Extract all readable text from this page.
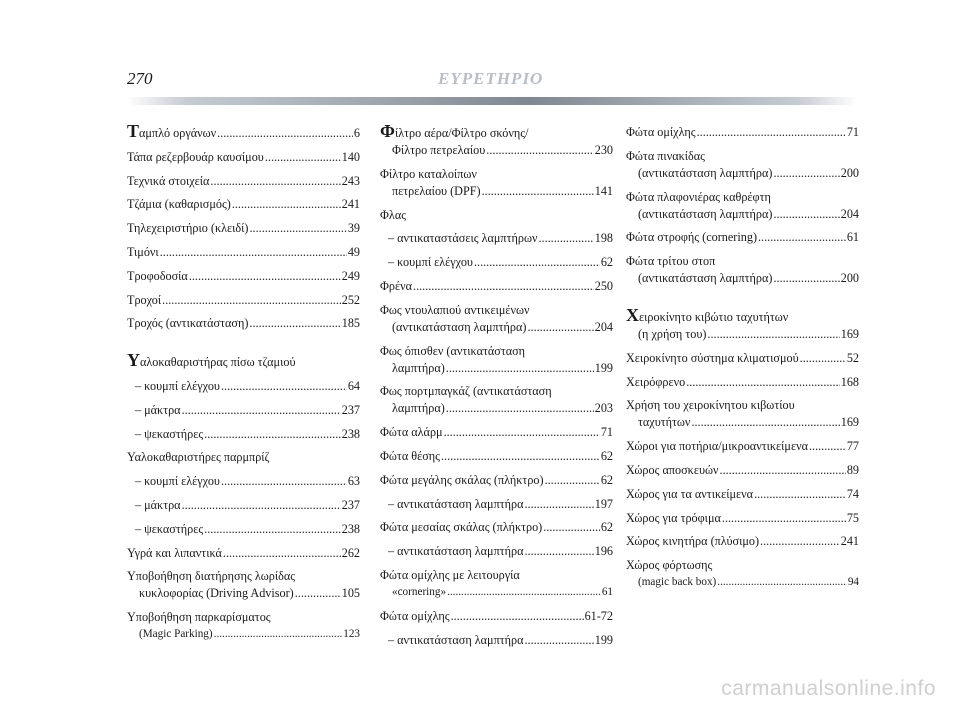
270	ΕΥΡΕΤΗΡΙΟ
Ταμπλό οργάνων .....	6
Τάπα ρεζερβουάρ καυσίμου .....	140
Τεχνικά στοιχεία .....	243
Τζάμια (καθαρισμός) .....	241
Τηλεχειριστήριο (κλειδί) .....	39
Τιμόνι .....	49
Τροφοδοσία .....	249
Τροχοί .....	252
Τροχός (αντικατάσταση) .....	185
Υαλοκαθαριστήρας πίσω τζαμιού
– κουμπί ελέγχου .....	64
– μάκτρα .....	237
– ψεκαστήρες .....	238
Υαλοκαθαριστήρες παρμπρίζ
– κουμπί ελέγχου .....	63
– μάκτρα .....	237
– ψεκαστήρες .....	238
Υγρά και λιπαντικά .....	262
Υποβοήθηση διατήρησης λωρίδας
κυκλοφορίας (Driving Advisor) .....	105
Υποβοήθηση παρκαρίσματος
(Magic Parking) .....	123
Φίλτρο αέρα/Φίλτρο σκόνης/
Φίλτρο πετρελαίου .....	230
Φίλτρο καταλοίπων
πετρελαίου (DPF) .....	141
Φλας
– αντικαταστάσεις λαμπτήρων .....	198
– κουμπί ελέγχου .....	62
Φρένα .....	250
Φως ντουλαπιού αντικειμένων
(αντικατάσταση λαμπτήρα) .....	204
Φως όπισθεν (αντικατάσταση
λαμπτήρα) .....	199
Φως πορτμπαγκάζ (αντικατάσταση
λαμπτήρα) .....	203
Φώτα αλάρμ .....	71
Φώτα θέσης .....	62
Φώτα μεγάλης σκάλας (πλήκτρο) .....	62
– αντικατάσταση λαμπτήρα .....	197
Φώτα μεσαίας σκάλας (πλήκτρο) .....	62
– αντικατάσταση λαμπτήρα .....	196
Φώτα ομίχλης με λειτουργία
«cornering» .....	61
Φώτα ομίχλης .....	61-72
– αντικατάσταση λαμπτήρα .....	199
Φώτα ομίχλης .....	71
Φώτα πινακίδας
(αντικατάσταση λαμπτήρα) .....	200
Φώτα πλαφονιέρας καθρέφτη
(αντικατάσταση λαμπτήρα) .....	204
Φώτα στροφής (cornering) .....	61
Φώτα τρίτου στοπ
(αντικατάσταση λαμπτήρα) .....	200
Χειροκίνητο κιβώτιο ταχυτήτων
(η χρήση του) .....	169
Χειροκίνητο σύστημα κλιματισμού .....	52
Χειρόφρενο .....	168
Χρήση του χειροκίνητου κιβωτίου
ταχυτήτων .....	169
Χώροι για ποτήρια/μικροαντικείμενα .....	77
Χώρος αποσκευών .....	89
Χώρος για τα αντικείμενα .....	74
Χώρος για τρόφιμα .....	75
Χώρος κινητήρα (πλύσιμο) .....	241
Χώρος φόρτωσης
(magic back box) .....	94
carmanualsonline.info
